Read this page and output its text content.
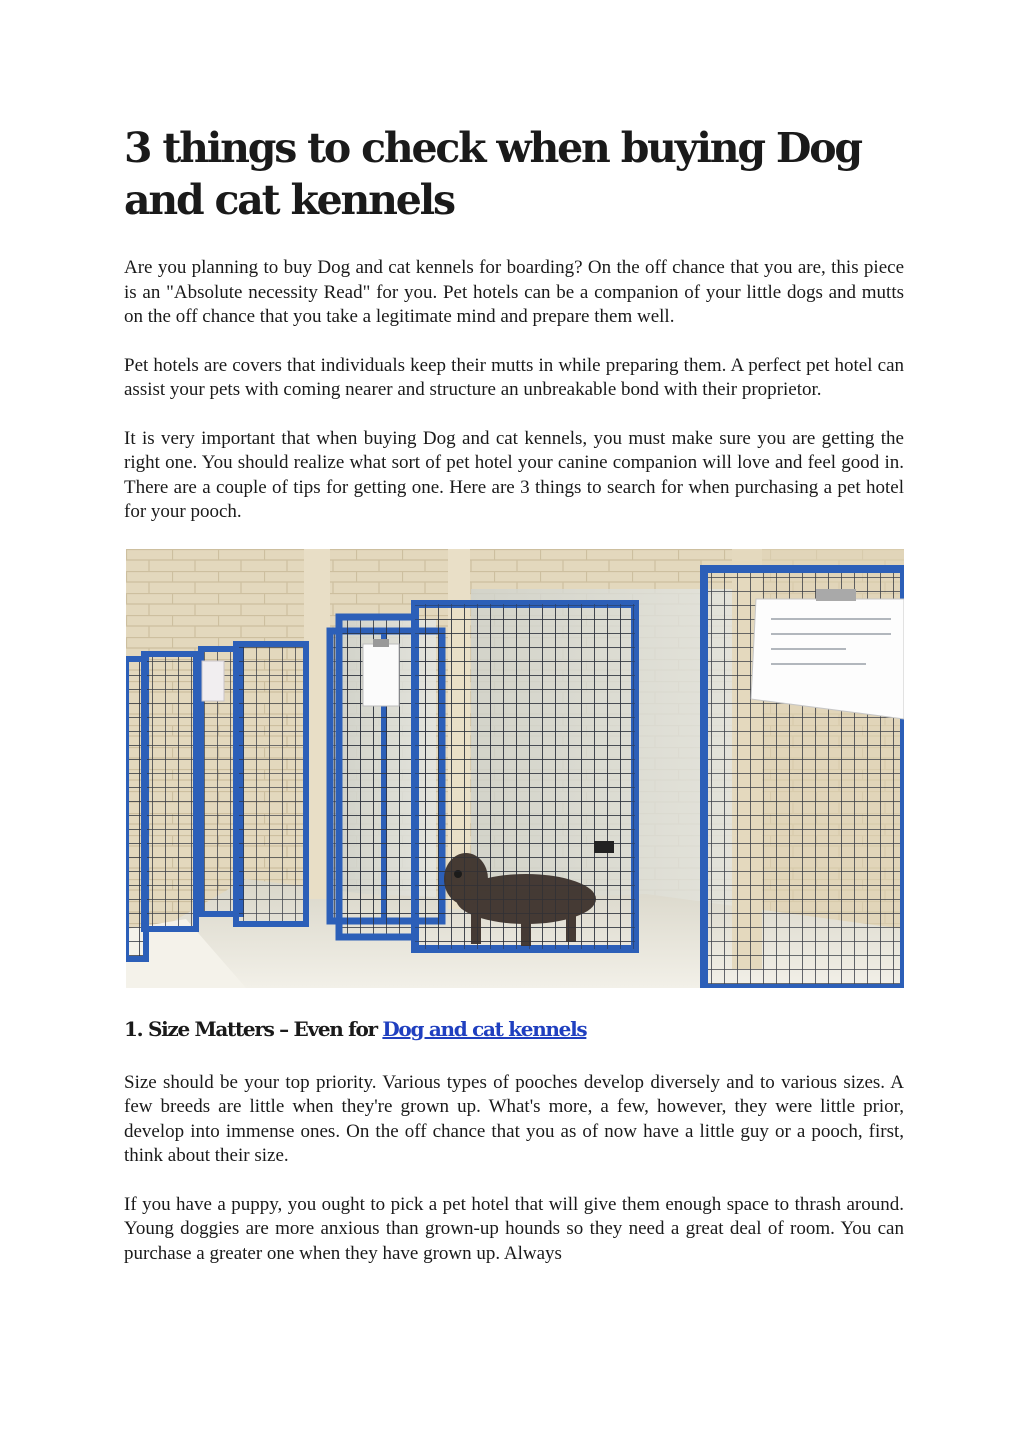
3 things to check when buying Dog and cat kennels

Are you planning to buy Dog and cat kennels for boarding? On the off chance that you are, this piece is an "Absolute necessity Read" for you. Pet hotels can be a companion of your little dogs and mutts on the off chance that you take a legitimate mind and prepare them well.

Pet hotels are covers that individuals keep their mutts in while preparing them. A perfect pet hotel can assist your pets with coming nearer and structure an unbreakable bond with their proprietor.

It is very important that when buying Dog and cat kennels, you must make sure you are getting the right one. You should realize what sort of pet hotel your canine companion will love and feel good in. There are a couple of tips for getting one. Here are 3 things to search for when purchasing a pet hotel for your pooch.

1. Size Matters – Even for Dog and cat kennels

Size should be your top priority. Various types of pooches develop diversely and to various sizes. A few breeds are little when they're grown up. What's more, a few, however, they were little prior, develop into immense ones. On the off chance that you as of now have a little guy or a pooch, first, think about their size.

If you have a puppy, you ought to pick a pet hotel that will give them enough space to thrash around. Young doggies are more anxious than grown-up hounds so they need a great deal of room. You can purchase a greater one when they have grown up. Always
